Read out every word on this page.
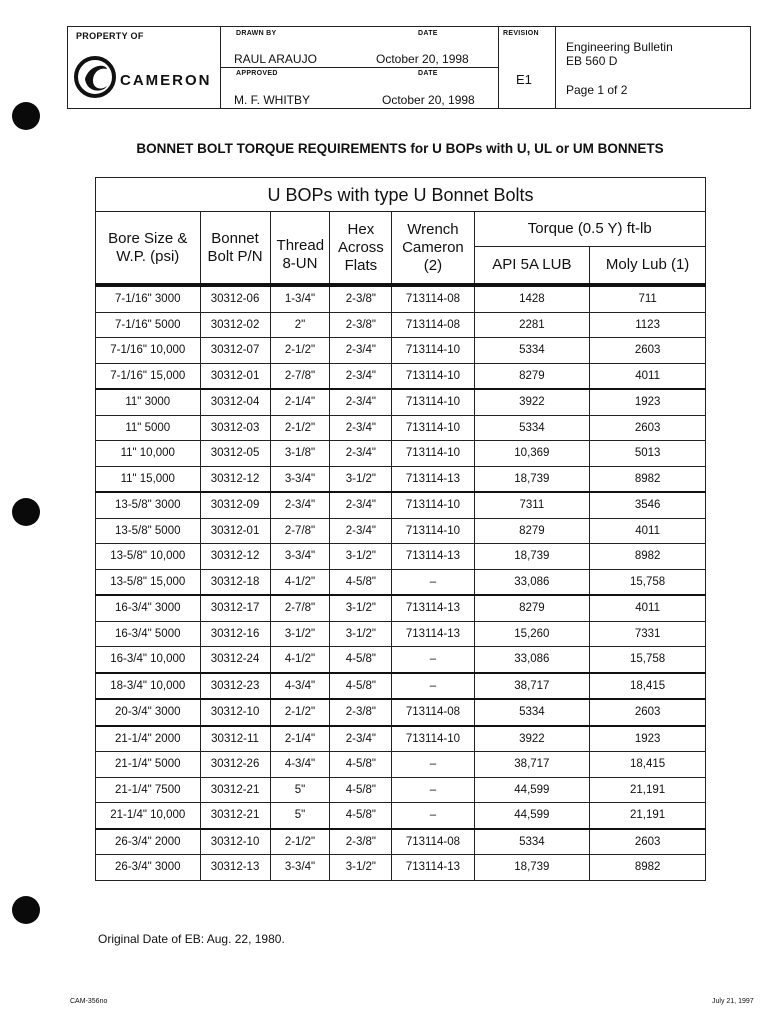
PROPERTY OF
CAMERON
DRAWN BY
RAUL ARAUJO
DATE
October 20, 1998
APPROVED
M. F. WHITBY
DATE
October 20, 1998
REVISION
E1
Engineering Bulletin
EB 560 D
Page 1 of 2
BONNET BOLT TORQUE REQUIREMENTS for U BOPs with U, UL or UM BONNETS
U BOPs with type U Bonnet Bolts						
Bore Size & W.P. (psi)	Bonnet Bolt P/N	Thread 8-UN	Hex Across Flats	Wrench Cameron (2)	Torque (0.5 Y) ft-lb	
					API 5A LUB	Moly Lub (1)
7-1/16" 3000	30312-06	1-3/4"	2-3/8"	713114-08	1428	711
7-1/16" 5000	30312-02	2"	2-3/8"	713114-08	2281	1123
7-1/16" 10,000	30312-07	2-1/2"	2-3/4"	713114-10	5334	2603
7-1/16" 15,000	30312-01	2-7/8"	2-3/4"	713114-10	8279	4011
11" 3000	30312-04	2-1/4"	2-3/4"	713114-10	3922	1923
11" 5000	30312-03	2-1/2"	2-3/4"	713114-10	5334	2603
11" 10,000	30312-05	3-1/8"	2-3/4"	713114-10	10,369	5013
11" 15,000	30312-12	3-3/4"	3-1/2"	713114-13	18,739	8982
13-5/8" 3000	30312-09	2-3/4"	2-3/4"	713114-10	7311	3546
13-5/8" 5000	30312-01	2-7/8"	2-3/4"	713114-10	8279	4011
13-5/8" 10,000	30312-12	3-3/4"	3-1/2"	713114-13	18,739	8982
13-5/8" 15,000	30312-18	4-1/2"	4-5/8"	–	33,086	15,758
16-3/4" 3000	30312-17	2-7/8"	3-1/2"	713114-13	8279	4011
16-3/4" 5000	30312-16	3-1/2"	3-1/2"	713114-13	15,260	7331
16-3/4" 10,000	30312-24	4-1/2"	4-5/8"	–	33,086	15,758
18-3/4" 10,000	30312-23	4-3/4"	4-5/8"	–	38,717	18,415
20-3/4" 3000	30312-10	2-1/2"	2-3/8"	713114-08	5334	2603
21-1/4" 2000	30312-11	2-1/4"	2-3/4"	713114-10	3922	1923
21-1/4" 5000	30312-26	4-3/4"	4-5/8"	–	38,717	18,415
21-1/4" 7500	30312-21	5"	4-5/8"	–	44,599	21,191
21-1/4" 10,000	30312-21	5"	4-5/8"	–	44,599	21,191
26-3/4" 2000	30312-10	2-1/2"	2-3/8"	713114-08	5334	2603
26-3/4" 3000	30312-13	3-3/4"	3-1/2"	713114-13	18,739	8982
Original Date of EB: Aug. 22, 1980.
CAM-356no	July 21, 1997
